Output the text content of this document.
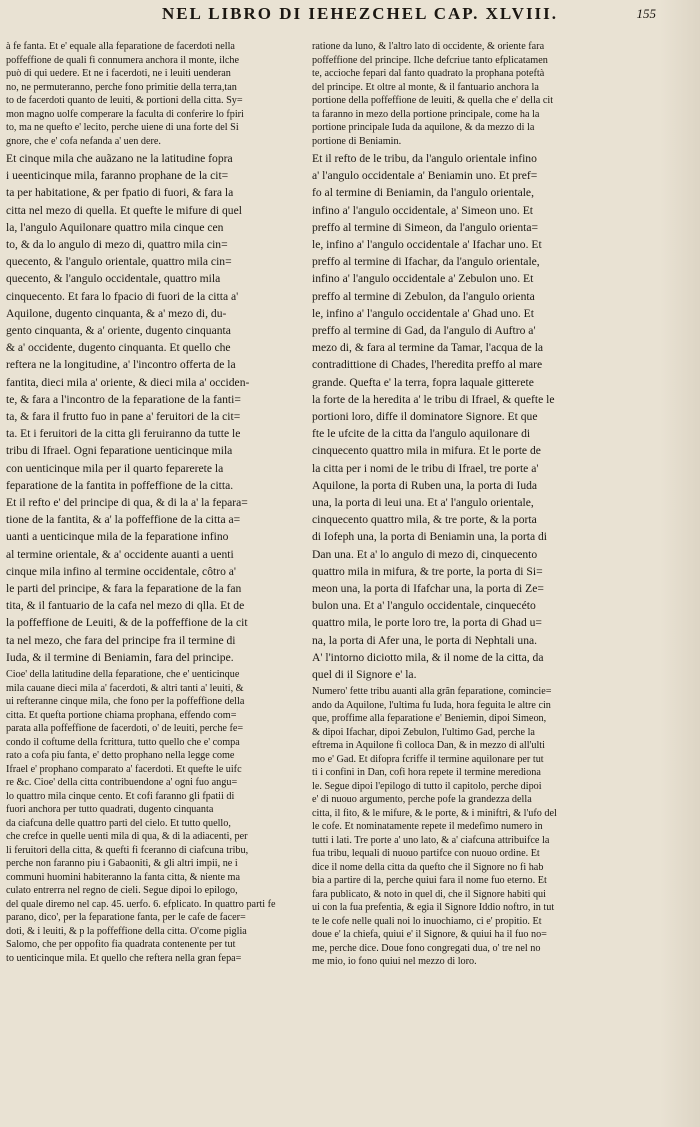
NEL LIBRO DI IEHEZCHEL CAP. XLVIII.	155

à fe fanta. Et e' equale alla feparatione de facerdoti nella
poffeffione de quali fi connumera anchora il monte, ilche
può di qui uedere. Et ne i facerdoti, ne i leuiti uenderan
no, ne permuteranno, perche fono primitie della terra,tan
to de facerdoti quanto de leuiti, & portioni della citta. Sy=
mon magno uolfe comperare la faculta di conferire lo fpiri
to, ma ne quefto e' lecito, perche uiene di una forte del Si
gnore, che e' cofa nefanda a' uen dere.

Et cinque mila che auãzano ne la latitudine fopra
i ueenticinque mila, faranno prophane de la cit=
ta per habitatione, & per fpatio di fuori, & fara la
citta nel mezo di quella. Et quefte le mifure di quel
la, l'angulo Aquilonare quattro mila cinque cen
to, & da lo angulo di mezo di, quattro mila cin=
quecento, & l'angulo orientale, quattro mila cin=
quecento, & l'angulo occidentale, quattro mila
cinquecento. Et fara lo fpacio di fuori de la citta a'
Aquilone, dugento cinquanta, & a' mezo di, du-
gento cinquanta, & a' oriente, dugento cinquanta
& a' occidente, dugento cinquanta. Et quello che
reftera ne la longitudine, a' l'incontro offerta de la
fantita, dieci mila a' oriente, & dieci mila a' occiden-
te, & fara a l'incontro de la feparatione de la fanti=
ta, & fara il frutto fuo in pane a' feruitori de la cit=
ta. Et i feruitori de la citta gli feruiranno da tutte le
tribu di Ifrael. Ogni feparatione uenticinque mila
con uenticinque mila per il quarto feparerete la
feparatione de la fantita in poffeffione de la citta.
Et il refto e' del principe di qua, & di la a' la fepara=
tione de la fantita, & a' la poffeffione de la citta a=
uanti a uenticinque mila de la feparatione infino
al termine orientale, & a' occidente auanti a uenti
cinque mila infino al termine occidentale, côtro a'
le parti del principe, & fara la feparatione de la fan
tita, & il fantuario de la cafa nel mezo di qlla. Et de
la poffeffione de Leuiti, & de la poffeffione de la cit
ta nel mezo, che fara del principe fra il termine di
Iuda, & il termine di Beniamin, fara del principe.

Cioe' della latitudine della feparatione, che e' uenticinque
mila cauane dieci mila a' facerdoti, & altri tanti a' leuiti, &
ui refteranne cinque mila, che fono per la poffeffione della
citta. Et quefta portione chiama prophana, effendo com=
parata alla poffeffione de facerdoti, o' de leuiti, perche fe=
condo il coftume della fcrittura, tutto quello che e' compa
rato a cofa piu fanta, e' detto prophano nella legge come
Ifrael e' prophano comparato a' facerdoti. Et quefte le uifc
re &c. Cioe' della citta contribuendone a' ogni fuo angu=
lo quattro mila cinque cento. Et cofi faranno gli fpatii di
fuori anchora per tutto quadrati, dugento cinquanta
da ciafcuna delle quattro parti del cielo. Et tutto quello,
che crefce in quelle uenti mila di qua, & di la adiacenti, per
li feruitori della citta, & quefti fi fceranno di ciafcuna tribu,
perche non faranno piu i Gabaoniti, & gli altri impii, ne i
communi huomini habiteranno la fanta citta, & niente ma
culato entrerra nel regno de cieli. Segue dipoi lo epilogo,
del quale diremo nel cap. 45. uerfo. 6. efplicato. In quattro parti fe
parano, dico', per la feparatione fanta, per le cafe de facer=
doti, & i leuiti, & p la poffeffione della citta. O'come piglia
Salomo, che per oppofito fia quadrata contenente per tut
to uenticinque mila. Et quello che reftera nella gran fepa=

ratione da luno, & l'altro lato di occidente, & oriente fara
poffeffione del principe. Ilche defcriue tanto efplicatamen
te, accioche fepari dal fanto quadrato la prophana poteftà
del principe. Et oltre al monte, & il fantuario anchora la
portione della poffeffione de leuiti, & quella che e' della cit
ta faranno in mezo della portione principale, come ha la
portione principale Iuda da aquilone, & da mezzo di la
portione di Beniamin.

Et il refto de le tribu, da l'angulo orientale infino
a' l'angulo occidentale a' Beniamin uno. Et pref=
fo al termine di Beniamin, da l'angulo orientale,
infino a' l'angulo occidentale, a' Simeon uno. Et
preffo al termine di Simeon, da l'angulo orienta=
le, infino a' l'angulo occidentale a' Ifachar uno. Et
preffo al termine di Ifachar, da l'angulo orientale,
infino a' l'angulo occidentale a' Zebulon uno. Et
preffo al termine di Zebulon, da l'angulo orienta
le, infino a' l'angulo occidentale a' Ghad uno. Et
preffo al termine di Gad, da l'angulo di Auftro a'
mezo di, & fara al termine da Tamar, l'acqua de la
contradittione di Chades, l'heredita preffo al mare
grande. Quefta e' la terra, fopra laquale gitterete
la forte de la heredita a' le tribu di Ifrael, & quefte le
portioni loro, diffe il dominatore Signore. Et que
fte le ufcite de la citta da l'angulo aquilonare di
cinquecento quattro mila in mifura. Et le porte de
la citta per i nomi de le tribu di Ifrael, tre porte a'
Aquilone, la porta di Ruben una, la porta di Iuda
una, la porta di leui una. Et a' l'angulo orientale,
cinquecento quattro mila, & tre porte, & la porta
di Iofeph una, la porta di Beniamin una, la porta di
Dan una. Et a' lo angulo di mezo di, cinquecento
quattro mila in mifura, & tre porte, la porta di Si=
meon una, la porta di Ifafchar una, la porta di Ze=
bulon una. Et a' l'angulo occidentale, cinquecéto
quattro mila, le porte loro tre, la porta di Ghad u=
na, la porta di Afer una, le porta di Nephtali una.
A' l'intorno diciotto mila, & il nome de la citta, da
quel di il Signore e' la.

Numero' fette tribu auanti alla grãn feparatione, comincie=
ando da Aquilone, l'ultima fu Iuda, hora feguita le altre cin
que, proffime alla feparatione e' Beniemin, dipoi Simeon,
& dipoi Ifachar, dipoi Zebulon, l'ultimo Gad, perche la
eftrema in Aquilone fi colloca Dan, & in mezzo di all'ulti
mo e' Gad. Et difopra fcriffe il termine aquilonare per tut
ti i confini in Dan, cofi hora repete il termine merediona
le. Segue dipoi l'epilogo di tutto il capitolo, perche dipoi
e' di nuouo argumento, perche pofe la grandezza della
citta, il fito, & le mifure, & le porte, & i miniftri, & l'ufo del
le cofe. Et nominatamente repete il medefimo numero in
tutti i lati. Tre porte a' uno lato, & a' ciafcuna attribuifce la
fua tribu, lequali di nuouo partifce con nuouo ordine. Et
dice il nome della citta da quefto che il Signore no fi hab
bia a partire di la, perche quiui fara il nome fuo eterno. Et
fara publicato, & noto in quel di, che il Signore habiti qui
ui con la fua prefentia, & egia il Signore Iddio noftro, in tut
te le cofe nelle quali noi lo inuochiamo, ci e' propitio. Et
doue e' la chiefa, quiui e' il Signore, & quiui ha il fuo no=
me, perche dice. Doue fono congregati dua, o' tre nel no
me mio, io fono quiui nel mezzo di loro.
